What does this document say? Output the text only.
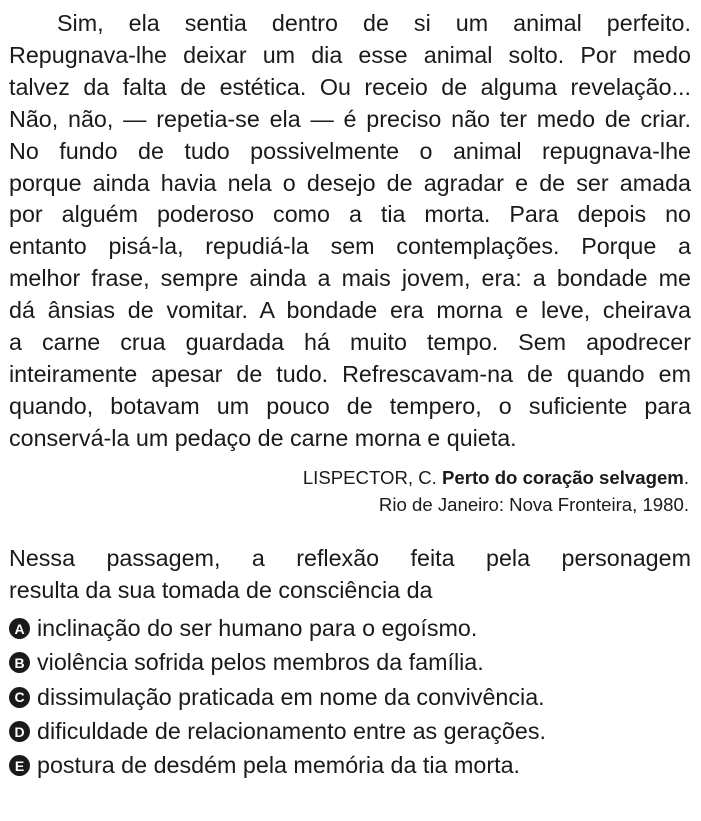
Sim, ela sentia dentro de si um animal perfeito.
Repugnava-lhe deixar um dia esse animal solto. Por medo
talvez da falta de estética. Ou receio de alguma revelação...
Não, não, — repetia-se ela — é preciso não ter medo de criar.
No fundo de tudo possivelmente o animal repugnava-lhe
porque ainda havia nela o desejo de agradar e de ser amada
por alguém poderoso como a tia morta. Para depois no
entanto pisá-la, repudiá-la sem contemplações. Porque a
melhor frase, sempre ainda a mais jovem, era: a bondade me
dá ânsias de vomitar. A bondade era morna e leve, cheirava
a carne crua guardada há muito tempo. Sem apodrecer
inteiramente apesar de tudo. Refrescavam-na de quando em
quando, botavam um pouco de tempero, o suficiente para
conservá-la um pedaço de carne morna e quieta.
LISPECTOR, C. Perto do coração selvagem.
Rio de Janeiro: Nova Fronteira, 1980.
Nessa passagem, a reflexão feita pela personagem
resulta da sua tomada de consciência da
A inclinação do ser humano para o egoísmo.
B violência sofrida pelos membros da família.
C dissimulação praticada em nome da convivência.
D dificuldade de relacionamento entre as gerações.
E postura de desdém pela memória da tia morta.
